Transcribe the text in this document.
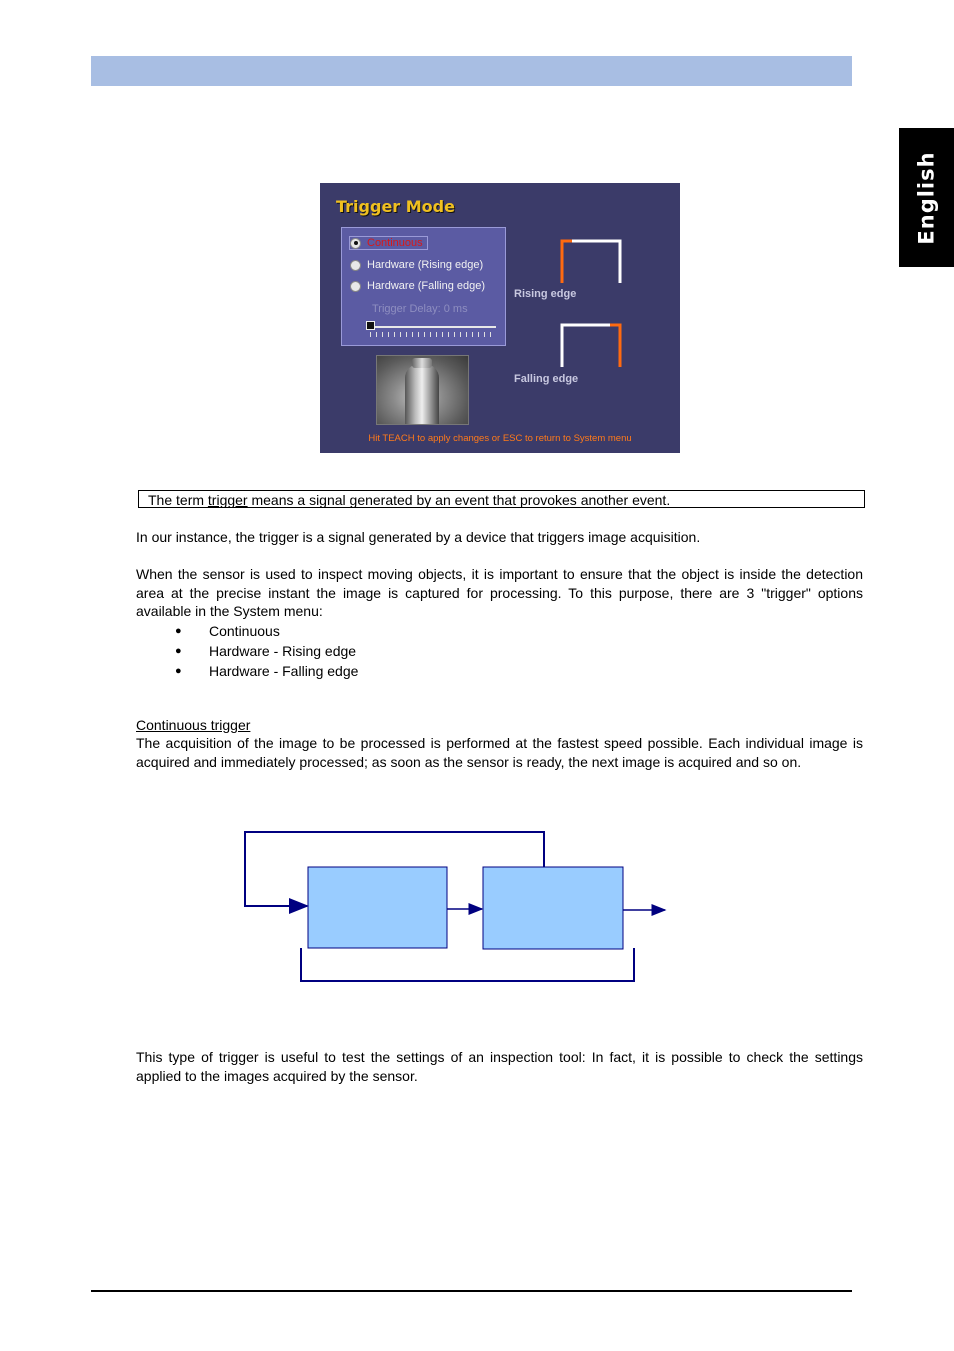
English
Trigger Mode
Continuous
Hardware (Rising edge)
Hardware (Falling edge)
Trigger Delay: 0 ms
Rising edge
Falling edge
Hit TEACH to apply changes or ESC to return to System menu
The term trigger means a signal generated by an event that provokes another event.
In our instance, the trigger is a signal generated by a device that triggers image acquisition.
When the sensor is used to inspect moving objects, it is important to ensure that the object is inside the detection area at the precise instant the image is captured for processing. To this purpose, there are 3 "trigger" options available in the System menu:
●	Continuous
●	Hardware - Rising edge
●	Hardware - Falling edge
Continuous trigger
The acquisition of the image to be processed is performed at the fastest speed possible. Each individual image is acquired and immediately processed; as soon as the sensor is ready, the next image is acquired and so on.
This type of trigger is useful to test the settings of an inspection tool: In fact, it is possible to check the settings applied to the images acquired by the sensor.
